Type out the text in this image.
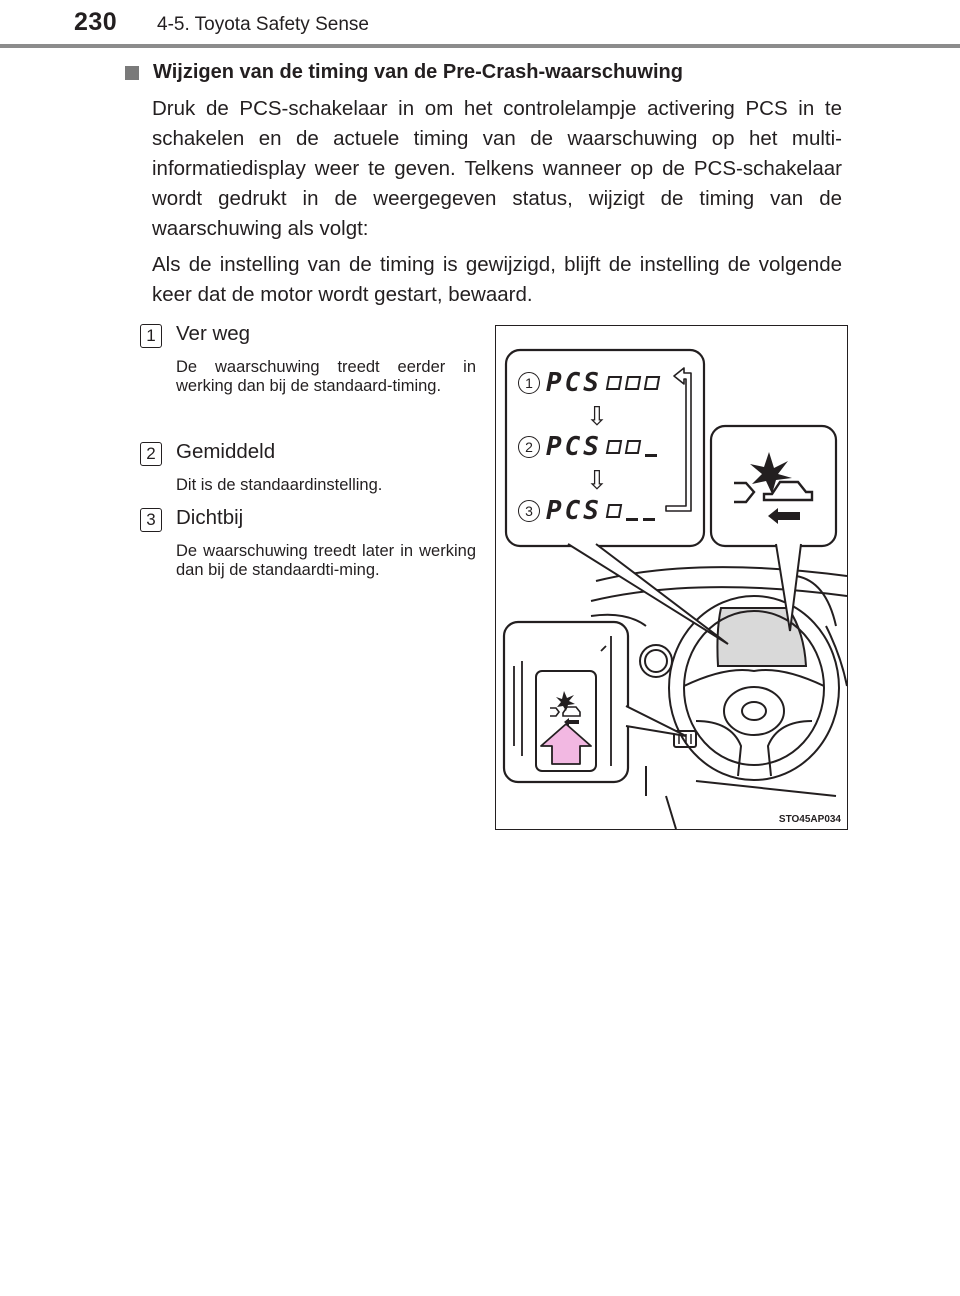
230 4-5. Toyota Safety Sense
Wijzigen van de timing van de Pre-Crash-waarschuwing

Druk de PCS-schakelaar in om het controlelampje activering PCS in te schakelen en de actuele timing van de waarschuwing op het multi-informatiedisplay weer te geven. Telkens wanneer op de PCS-schakelaar wordt gedrukt in de weergegeven status, wijzigt de timing van de waarschuwing als volgt:

Als de instelling van de timing is gewijzigd, blijft de instelling de volgende keer dat de motor wordt gestart, bewaard.

1 Ver weg
De waarschuwing treedt eerder in werking dan bij de standaard-timing.
2 Gemiddeld
Dit is de standaardinstelling.
3 Dichtbij
De waarschuwing treedt later in werking dan bij de standaardti-ming.
1 PCS
2 PCS
3 PCS
⇩
⇩
STO45AP034
